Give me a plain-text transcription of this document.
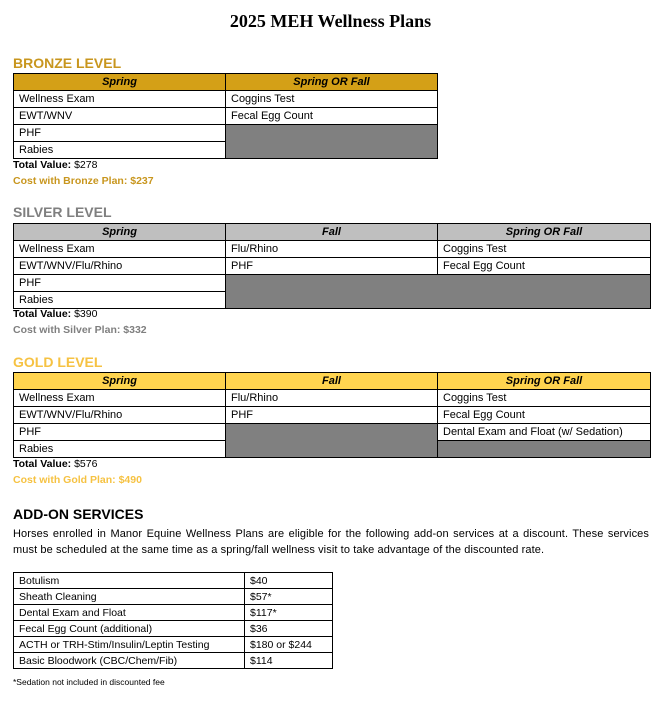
2025 MEH Wellness Plans
BRONZE LEVEL
Spring	Spring OR Fall
Wellness Exam	Coggins Test
EWT/WNV	Fecal Egg Count
PHF	
Rabies	
Total Value: $278
Cost with Bronze Plan: $237
SILVER LEVEL
Spring	Fall	Spring OR Fall
Wellness Exam	Flu/Rhino	Coggins Test
EWT/WNV/Flu/Rhino	PHF	Fecal Egg Count
PHF		
Rabies		
Total Value: $390
Cost with Silver Plan: $332
GOLD LEVEL
Spring	Fall	Spring OR Fall
Wellness Exam	Flu/Rhino	Coggins Test
EWT/WNV/Flu/Rhino	PHF	Fecal Egg Count
PHF		Dental Exam and Float (w/ Sedation)
Rabies		
Total Value: $576
Cost with Gold Plan: $490
ADD-ON SERVICES
Horses enrolled in Manor Equine Wellness Plans are eligible for the following add-on services at a discount. These services must be scheduled at the same time as a spring/fall wellness visit to take advantage of the discounted rate.
Botulism	$40
Sheath Cleaning	$57*
Dental Exam and Float	$117*
Fecal Egg Count (additional)	$36
ACTH or TRH-Stim/Insulin/Leptin Testing	$180 or $244
Basic Bloodwork (CBC/Chem/Fib)	$114
*Sedation not included in discounted fee
